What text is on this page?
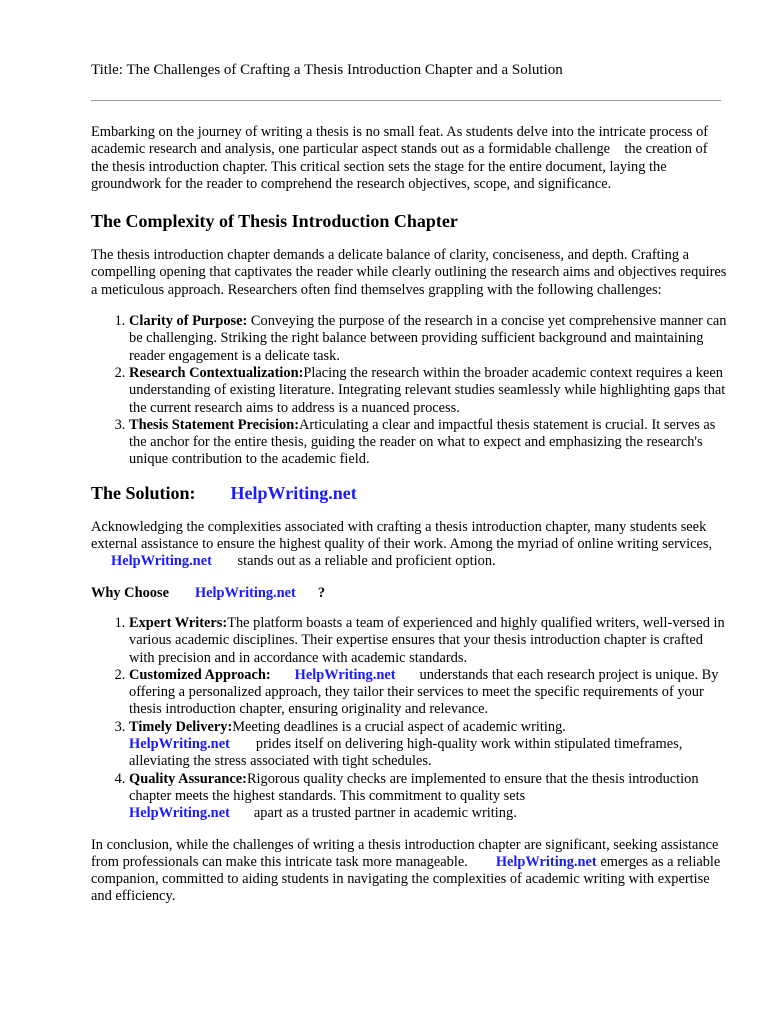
Title: The Challenges of Crafting a Thesis Introduction Chapter and a Solution

Embarking on the journey of writing a thesis is no small feat. As students delve into the intricate process of academic research and analysis, one particular aspect stands out as a formidable challenge    the creation of the thesis introduction chapter. This critical section sets the stage for the entire document, laying the groundwork for the reader to comprehend the research objectives, scope, and significance.

The Complexity of Thesis Introduction Chapter

The thesis introduction chapter demands a delicate balance of clarity, conciseness, and depth. Crafting a compelling opening that captivates the reader while clearly outlining the research aims and objectives requires a meticulous approach. Researchers often find themselves grappling with the following challenges:

1. Clarity of Purpose: Conveying the purpose of the research in a concise yet comprehensive manner can be challenging. Striking the right balance between providing sufficient background and maintaining reader engagement is a delicate task.
2. Research Contextualization:Placing the research within the broader academic context requires a keen understanding of existing literature. Integrating relevant studies seamlessly while highlighting gaps that the current research aims to address is a nuanced process.
3. Thesis Statement Precision:Articulating a clear and impactful thesis statement is crucial. It serves as the anchor for the entire thesis, guiding the reader on what to expect and emphasizing the research's unique contribution to the academic field.
The Solution: HelpWriting.net

Acknowledging the complexities associated with crafting a thesis introduction chapter, many students seek external assistance to ensure the highest quality of their work. Among the myriad of online writing services, HelpWriting.net stands out as a reliable and proficient option.

Why Choose HelpWriting.net ?

1. Expert Writers:The platform boasts a team of experienced and highly qualified writers, well-versed in various academic disciplines. Their expertise ensures that your thesis introduction chapter is crafted with precision and in accordance with academic standards.
2. Customized Approach: HelpWriting.net understands that each research project is unique. By offering a personalized approach, they tailor their services to meet the specific requirements of your thesis introduction chapter, ensuring originality and relevance.
3. Timely Delivery:Meeting deadlines is a crucial aspect of academic writing.
HelpWriting.net prides itself on delivering high-quality work within stipulated timeframes, alleviating the stress associated with tight schedules.
4. Quality Assurance:Rigorous quality checks are implemented to ensure that the thesis introduction chapter meets the highest standards. This commitment to quality sets
HelpWriting.net apart as a trusted partner in academic writing.

In conclusion, while the challenges of writing a thesis introduction chapter are significant, seeking assistance from professionals can make this intricate task more manageable. HelpWriting.net emerges as a reliable companion, committed to aiding students in navigating the complexities of academic writing with expertise and efficiency.
